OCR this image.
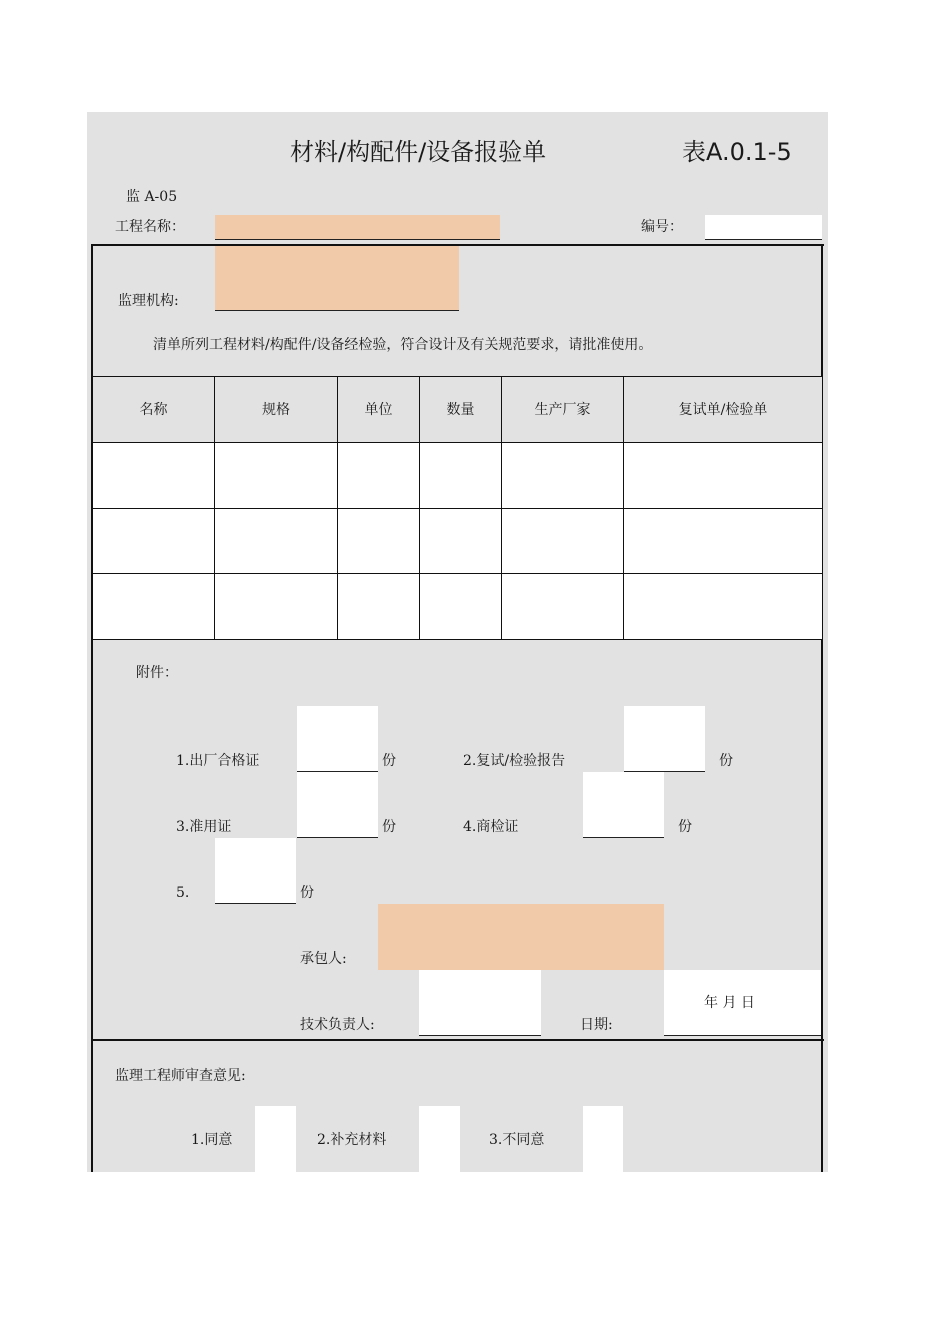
材料/构配件/设备报验单	表A.0.1-5
监 A-05
工程名称：	编号：
监理机构:
清单所列工程材料/构配件/设备经检验，符合设计及有关规范要求，请批准使用。
名称	规格	单位	数量	生产厂家	复试单/检验单

附件：
1.出厂合格证	份	2.复试/检验报告	份
3.准用证	份	4.商检证	份
5.	份
承包人:
技术负责人:	日期:
年 月 日
监理工程师审查意见:
1.同意	2.补充材料	3.不同意
